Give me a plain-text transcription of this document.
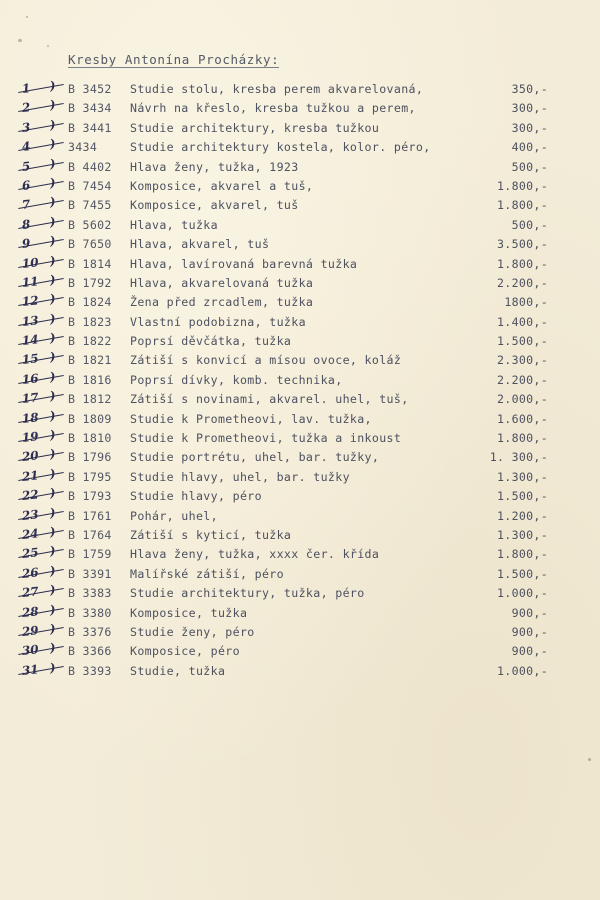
Kresby Antonína Procházky:
1 ) B 3452 Studie stolu, kresba perem akvarelovaná,	350,-
2 ) B 3434 Návrh na křeslo, kresba tužkou a perem,	300,-
3 ) B 3441 Studie architektury, kresba tužkou	300,-
4 ) 3434	Studie architektury kostela, kolor. péro,	400,-
5 ) B 4402 Hlava ženy, tužka, 1923	500,-
6 ) B 7454 Komposice, akvarel a tuš,	1.800,-
7 ) B 7455 Komposice, akvarel, tuš	1.800,-
8 ) B 5602 Hlava, tužka	500,-
9 ) B 7650 Hlava, akvarel, tuš	3.500,-
10 ) B 1814 Hlava, lavírovaná barevná tužka	1.800,-
11 ) B 1792 Hlava, akvarelovaná tužka	2.200,-
12 ) B 1824 Žena před zrcadlem, tužka	1800,-
13 ) B 1823 Vlastní podobizna, tužka	1.400,-
14 ) B 1822 Poprsí děvčátka, tužka	1.500,-
15 ) B 1821 Zátiší s konvicí a mísou ovoce, koláž	2.300,-
16 ) B 1816 Poprsí dívky, komb. technika,	2.200,-
17 ) B 1812 Zátiší s novinami, akvarel. uhel, tuš,	2.000,-
18 ) B 1809 Studie k Prometheovi, lav. tužka,	1.600,-
19 ) B 1810 Studie k Prometheovi, tužka a inkoust	1.800,-
20 ) B 1796 Studie portrétu, uhel, bar. tužky,	1. 300,-
21 ) B 1795 Studie hlavy, uhel, bar. tužky	1.300,-
22 ) B 1793 Studie hlavy, péro	1.500,-
23 ) B 1761 Pohár, uhel,	1.200,-
24 ) B 1764 Zátiší s kyticí, tužka	1.300,-
25 ) B 1759 Hlava ženy, tužka, xxxx čer. křída	1.800,-
26 ) B 3391 Malířské zátiší, péro	1.500,-
27 ) B 3383 Studie architektury, tužka, péro	1.000,-
28 ) B 3380 Komposice, tužka	900,-
29 ) B 3376 Studie ženy, péro	900,-
30 ) B 3366 Komposice, péro	900,-
31 ) B 3393 Studie, tužka	1.000,-
